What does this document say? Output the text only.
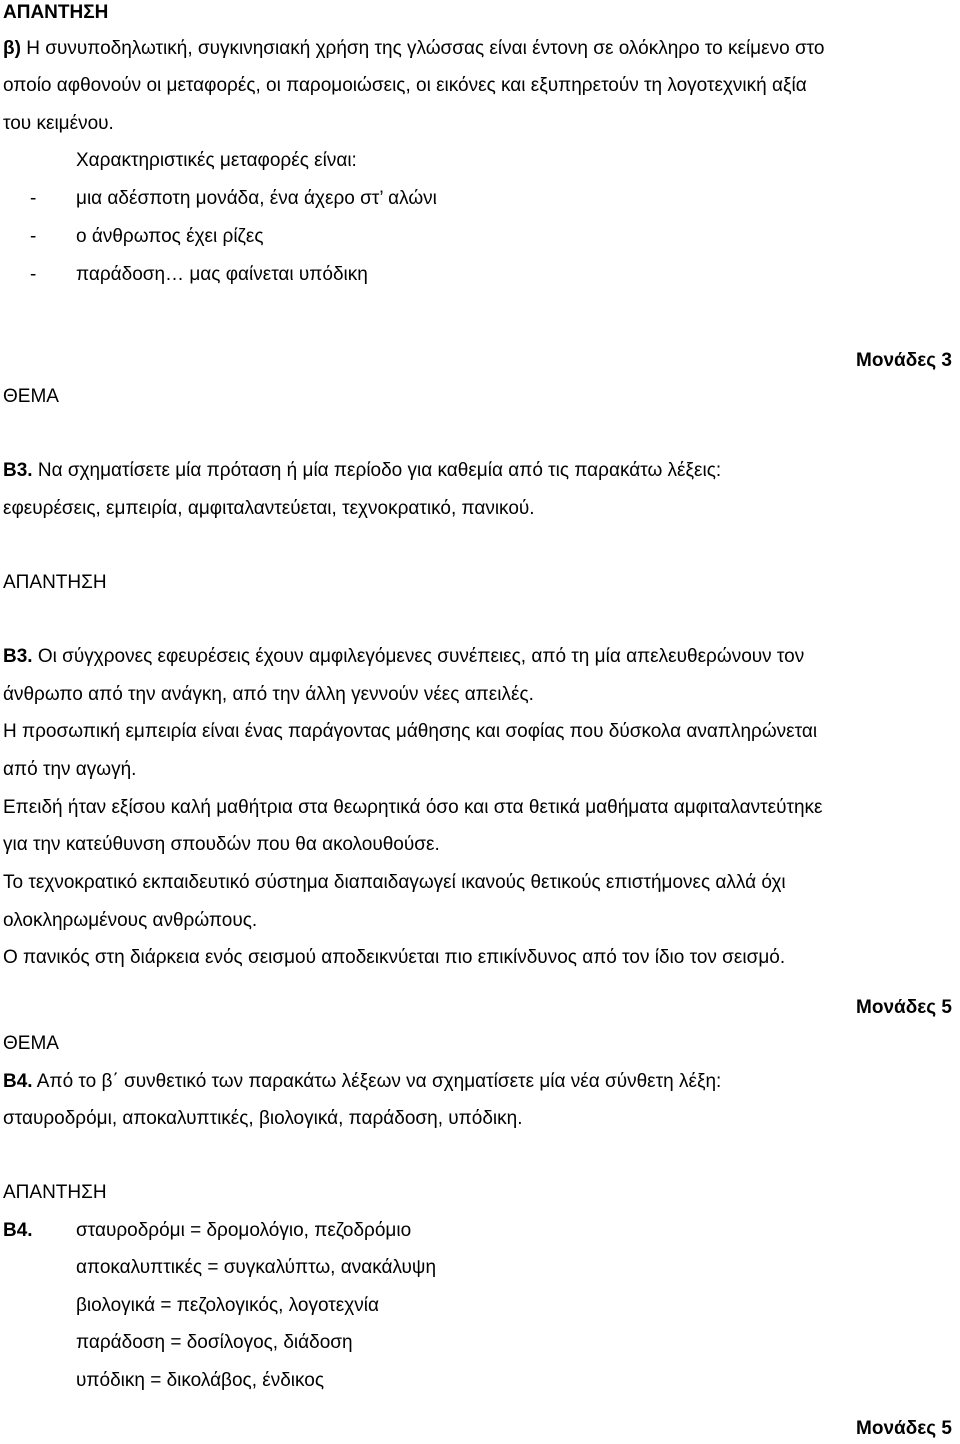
ΑΠΑΝΤΗΣΗ
β) Η συνυποδηλωτική, συγκινησιακή χρήση της γλώσσας είναι έντονη σε ολόκληρο το κείμενο στο
οποίο αφθονούν οι μεταφορές, οι παρομοιώσεις, οι εικόνες και εξυπηρετούν τη λογοτεχνική αξία
του κειμένου.
Χαρακτηριστικές μεταφορές είναι:
- μια αδέσποτη μονάδα, ένα άχερο στ’ αλώνι
- ο άνθρωπος έχει ρίζες
- παράδοση… μας φαίνεται υπόδικη
Μονάδες 3
ΘΕΜΑ
Β3. Να σχηματίσετε μία πρόταση ή μία περίοδο για καθεμία από τις παρακάτω λέξεις:
εφευρέσεις, εμπειρία, αμφιταλαντεύεται, τεχνοκρατικό, πανικού.
ΑΠΑΝΤΗΣΗ
Β3. Οι σύγχρονες εφευρέσεις έχουν αμφιλεγόμενες συνέπειες, από τη μία απελευθερώνουν τον
άνθρωπο από την ανάγκη, από την άλλη γεννούν νέες απειλές.
Η προσωπική εμπειρία είναι ένας παράγοντας μάθησης και σοφίας που δύσκολα αναπληρώνεται
από την αγωγή.
Επειδή ήταν εξίσου καλή μαθήτρια στα θεωρητικά όσο και στα θετικά μαθήματα αμφιταλαντεύτηκε
για την κατεύθυνση σπουδών που θα ακολουθούσε.
Το τεχνοκρατικό εκπαιδευτικό σύστημα διαπαιδαγωγεί ικανούς θετικούς επιστήμονες αλλά όχι
ολοκληρωμένους ανθρώπους.
Ο πανικός στη διάρκεια ενός σεισμού αποδεικνύεται πιο επικίνδυνος από τον ίδιο τον σεισμό.
Μονάδες 5
ΘΕΜΑ
Β4. Από το β΄ συνθετικό των παρακάτω λέξεων να σχηματίσετε μία νέα σύνθετη λέξη:
σταυροδρόμι, αποκαλυπτικές, βιολογικά, παράδοση, υπόδικη.
ΑΠΑΝΤΗΣΗ
Β4. σταυροδρόμι = δρομολόγιο, πεζοδρόμιο
αποκαλυπτικές = συγκαλύπτω, ανακάλυψη
βιολογικά = πεζολογικός, λογοτεχνία
παράδοση = δοσίλογος, διάδοση
υπόδικη = δικολάβος, ένδικος
Μονάδες 5
